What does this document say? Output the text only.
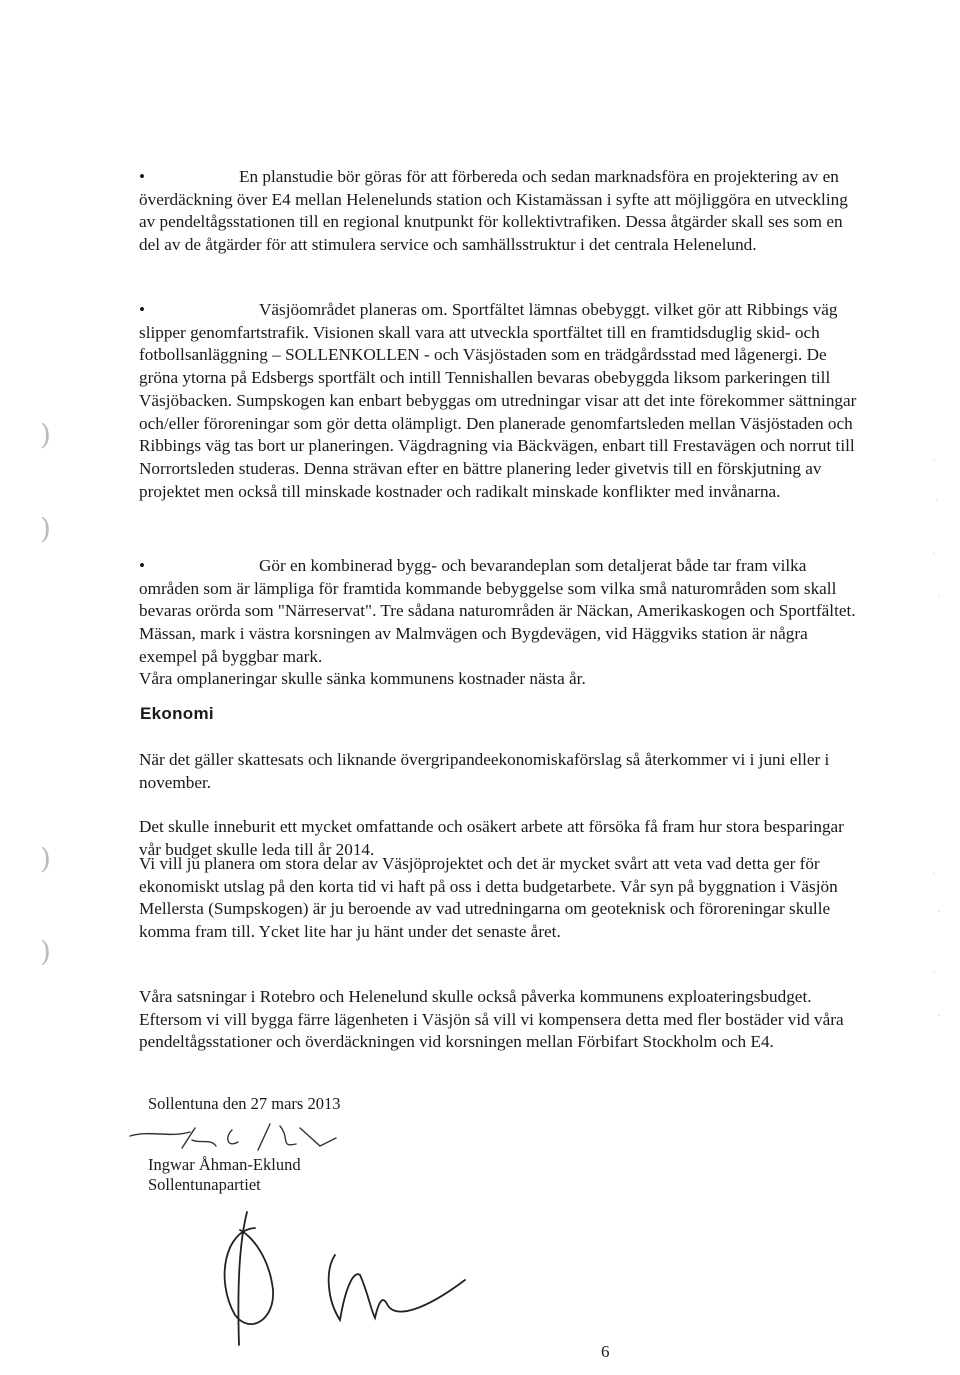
•	En planstudie bör göras för att förbereda och sedan marknadsföra en projektering av en överdäckning över E4 mellan Helenelunds station och Kistamässan i syfte att möjliggöra en utveckling av pendeltågsstationen till en regional knutpunkt för kollektivtrafiken. Dessa åtgärder skall ses som en del av de åtgärder för att stimulera service och samhällsstruktur i det centrala Helenelund.

•	Väsjöområdet planeras om. Sportfältet lämnas obebyggt. vilket gör att Ribbings väg slipper genomfartstrafik. Visionen skall vara att utveckla sportfältet till en framtidsduglig skid- och fotbollsanläggning – SOLLENKOLLEN - och Väsjöstaden som en trädgårdsstad med lågenergi. De gröna ytorna på Edsbergs sportfält och intill Tennishallen bevaras obebyggda liksom parkeringen till Väsjöbacken. Sumpskogen kan enbart bebyggas om utredningar visar att det inte förekommer sättningar och/eller föroreningar som gör detta olämpligt. Den planerade genomfartsleden mellan Väsjöstaden och Ribbings väg tas bort ur planeringen. Vägdragning via Bäckvägen, enbart till Frestavägen och norrut till Norrortsleden studeras. Denna strävan efter en bättre planering leder givetvis till en förskjutning av projektet men också till minskade kostnader och radikalt minskade konflikter med invånarna.

•	Gör en kombinerad bygg- och bevarandeplan som detaljerat både tar fram vilka områden som är lämpliga för framtida kommande bebyggelse som vilka små naturområden som skall bevaras orörda som "Närreservat". Tre sådana naturområden är Näckan, Amerikaskogen och Sportfältet. Mässan, mark i västra korsningen av Malmvägen och Bygdevägen, vid Häggviks station är några exempel på byggbar mark.

Våra omplaneringar skulle sänka kommunens kostnader nästa år.

Ekonomi

När det gäller skattesats och liknande övergripandeekonomiskaförslag så återkommer vi i juni eller i november.

Det skulle inneburit ett mycket omfattande och osäkert arbete att försöka få fram hur stora besparingar vår budget skulle leda till år 2014.

Vi vill ju planera om stora delar av Väsjöprojektet och det är mycket svårt att veta vad detta ger för ekonomiskt utslag på den korta tid vi haft på oss i detta budgetarbete. Vår syn på byggnation i Väsjön Mellersta (Sumpskogen) är ju beroende av vad utredningarna om geoteknisk och föroreningar skulle komma fram till. Ycket lite har ju hänt under det senaste året.

Våra satsningar i Rotebro och Helenelund skulle också påverka kommunens exploateringsbudget. Eftersom vi vill bygga färre lägenheten i Väsjön så vill vi kompensera detta med fler bostäder vid våra pendeltågsstationer och överdäckningen vid korsningen mellan Förbifart Stockholm och E4.

Sollentuna den 27 mars 2013

Ingwar Åhman-Eklund

Sollentunapartiet

6
)
)
)
)
·
·
·
·
·
·
·
·
